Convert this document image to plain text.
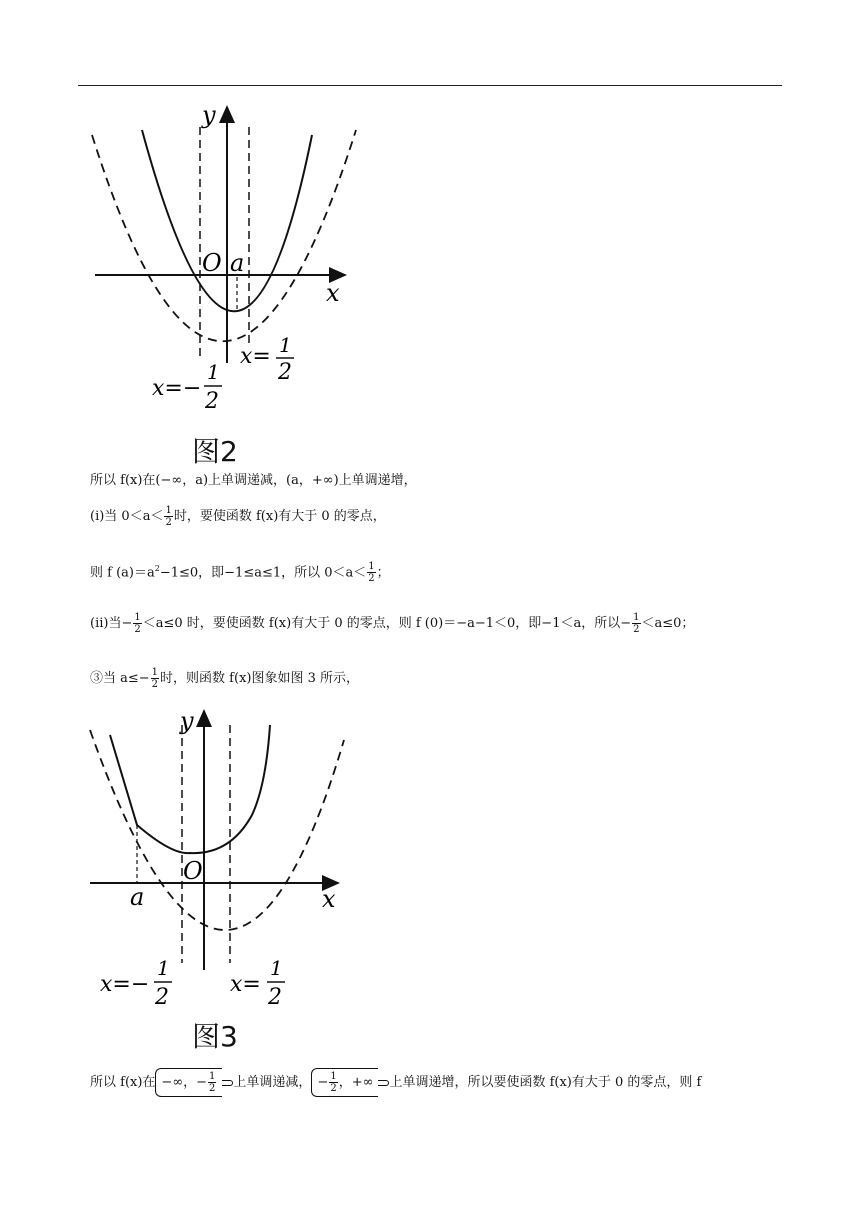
y
x
O a
x= 1
2
x=−
1
2
图2
所以 f(x)在(−∞，a)上单调递减，(a，+∞)上单调递增，
(ⅰ)当 $0<a< \frac{1}{2}$ 时，要使函数 f(x)有大于 0 的零点，
则 f $(a)=a^2-1\le 0$，即−1≤a≤1，所以 $0<a< \frac{1}{2}$ ；
(ⅱ)当− $\frac{1}{2} <a\le 0$ 时，要使函数 f(x)有大于 0 的零点，则 f (0)＝−a−1＜0，即−1＜a，所以− $\frac{1}{2} <a\le 0$；
③当 $a\le- \frac{1}{2}$ 时，则函数 f(x)图象如图 3 所示，
y
x
O
a
x=−
1
2
x=
1
2
图3
所以 f(x)在 −∞，− $\frac{1}{2}$ 上单调递减， − $\frac{1}{2}$ ，+∞ 上单调递增，所以要使函数 f(x)有大于 0 的零点，则 f
